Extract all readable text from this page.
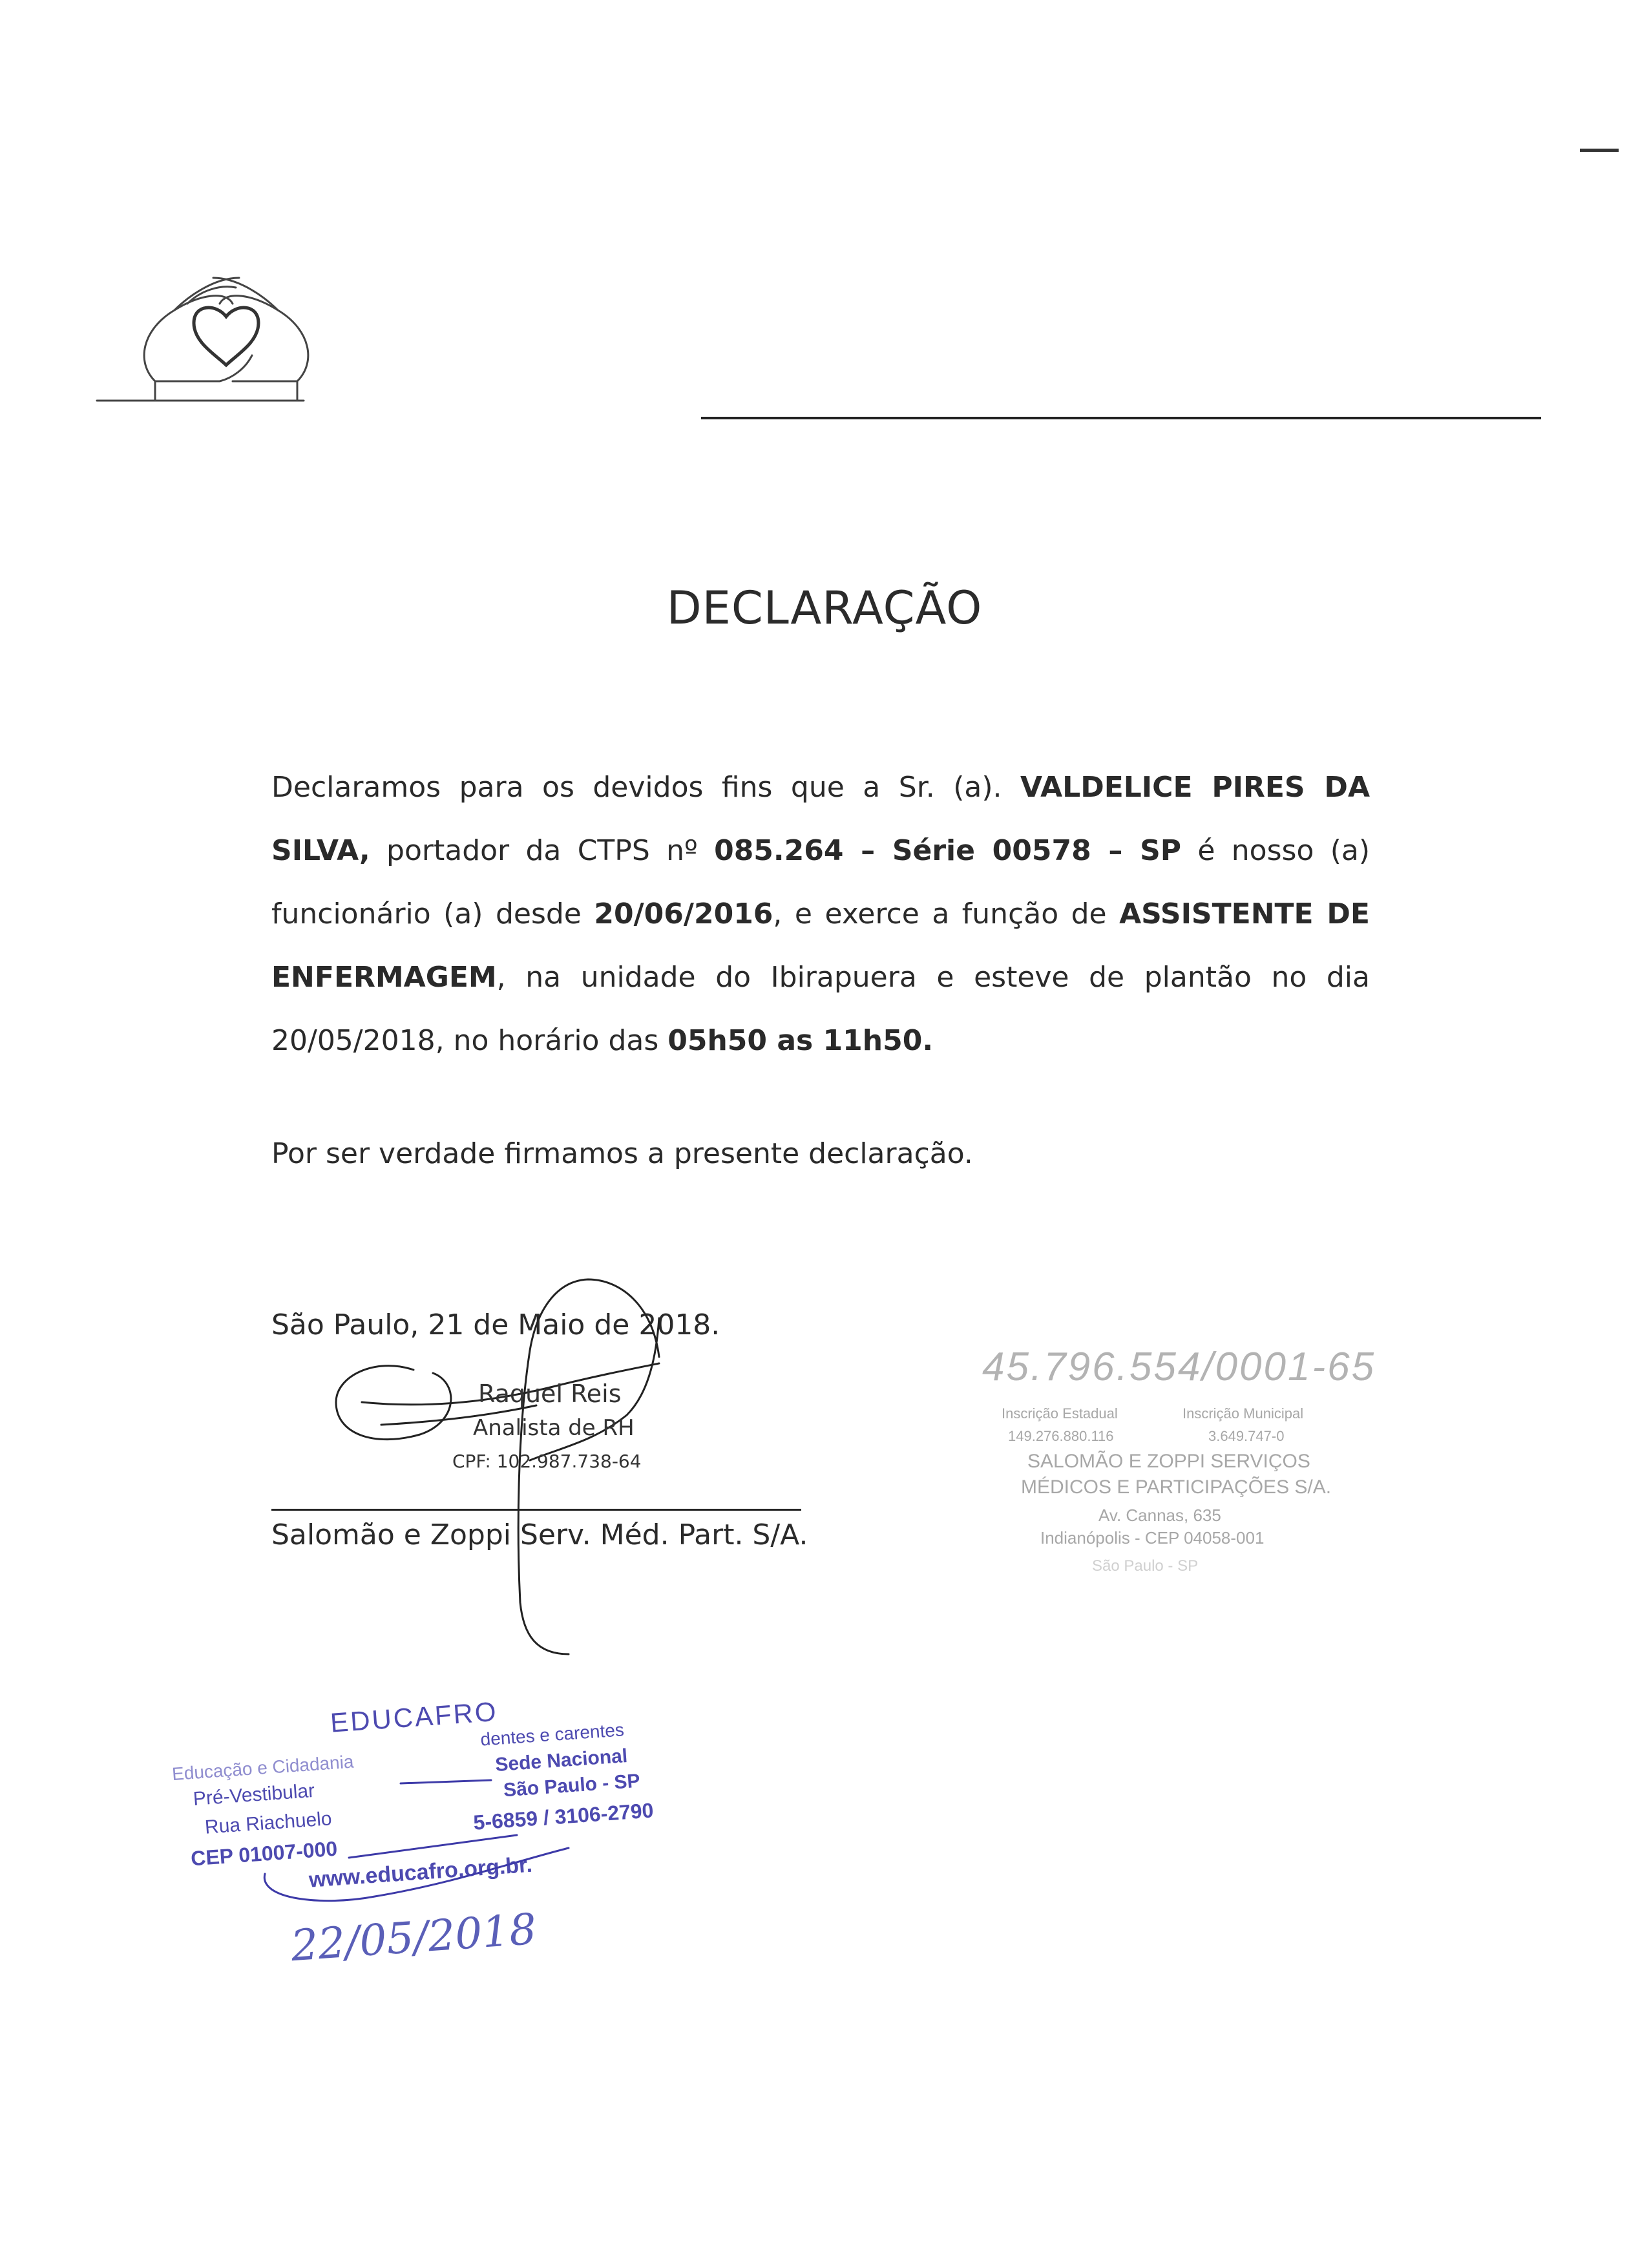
DECLARAÇÃO
Declaramos para os devidos fins que a Sr. (a). VALDELICE PIRES DA SILVA, portador da CTPS nº 085.264 – Série 00578 – SP é nosso (a) funcionário (a) desde 20/06/2016, e exerce a função de ASSISTENTE DE ENFERMAGEM, na unidade do Ibirapuera e esteve de plantão no dia 20/05/2018, no horário das 05h50 as 11h50.
Por ser verdade firmamos a presente declaração.
São Paulo, 21 de Maio de 2018.
Raquel Reis
Analista de RH
CPF: 102.987.738-64
Salomão e Zoppi Serv. Méd. Part. S/A.
45.796.554/0001-65
Inscrição Estadual	Inscrição Municipal
149.276.880.116	3.649.747-0
SALOMÃO E ZOPPI SERVIÇOS
MÉDICOS E PARTICIPAÇÕES S/A.
Av. Cannas, 635
Indianópolis - CEP 04058-001
São Paulo - SP
EDUCAFRO
Educação e Cidadania
dentes e carentes
Pré-Vestibular
Sede Nacional
Rua Riachuelo
São Paulo - SP
CEP 01007-000
5-6859 / 3106-2790
www.educafro.org.br.
22/05/2018
